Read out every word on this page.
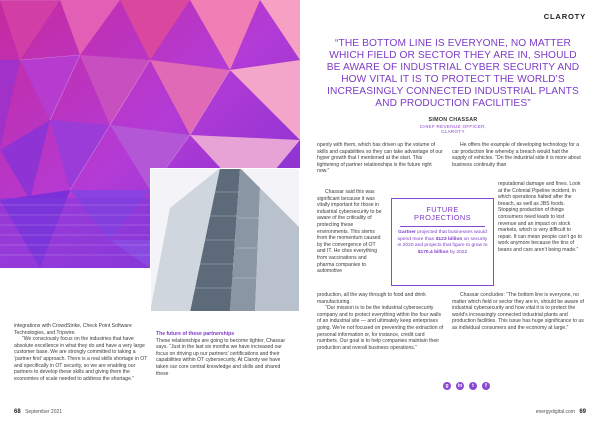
CLAROTY
“THE BOTTOM LINE IS EVERYONE, NO MATTER WHICH FIELD OR SECTOR THEY ARE IN, SHOULD BE AWARE OF INDUSTRIAL CYBER SECURITY AND HOW VITAL IT IS TO PROTECT THE WORLD’S INCREASINGLY CONNECTED INDUSTRIAL PLANTS AND PRODUCTION FACILITIES”
SIMON CHASSAR
CHIEF REVENUE OFFICER,
CLAROTY

integrations with CrowdStrike, Check Point Software Technologies, and Tripwire.

“We consciously focus on the industries that have absolute excellence in what they do and have a very large customer base. We are strongly committed to taking a ‘partner first’ approach. There is a real skills shortage in OT and specifically in OT security, so we are enabling our partners to develop these skills and giving them the economies of scale needed to address the shortage.”

The future of these partnerships

These relationships are going to become tighter, Chassar says. “Just in the last six months we have increased our focus on driving up our partners’ certifications and their capabilities within OT cybersecurity. At Claroty we have taken our core central knowledge and skills and shared these

openly with them, which has driven up the volume of skills and capabilities so they can take advantage of our hyper growth that I mentioned at the start. This tightening of partner relationships is the future right now.”

Chassar said this was significant because it was vitally important for those in industrial cybersecurity to be aware of the criticality of protecting these environments. This stems from the momentum caused by the convergence of OT and IT. He cites everything from vaccinations and pharma companies to automotive

production, all the way through to food and drink manufacturing.

“Our mission is to be the industrial cybersecurity company and to protect everything within the four walls of an industrial site — and ultimately keep enterprises going. We’re not focused on preventing the extraction of personal information or, for instance, credit card numbers. Our goal is to help companies maintain their production and overall business operations.”

He offers the example of developing technology for a car production line whereby a breach would halt the supply of vehicles. “On the industrial side it is more about business continuity than

reputational damage and fines. Look at the Colonial Pipeline incident, in which operations halted after the breach, as well as JBS foods. Stopping production of things consumers need leads to lost revenue and an impact on stock markets, which is very difficult to repair. It can mean people can’t go to work anymore because the tins of beans and cars aren’t being made.”

Chassar concludes: “The bottom line is everyone, no matter which field or sector they are in, should be aware of industrial cybersecurity and how vital it is to protect the world’s increasingly connected industrial plants and production facilities. This issue has huge significance to us as individual consumers and the economy at large.”

FUTURE
PROJECTIONS
Gartner projected that businesses would spend more than $123 billion on security in 2020 and projects that figure to grow to $170.4 billion by 2022
g	in	t	f
68 September 2021	energydigital.com 69
